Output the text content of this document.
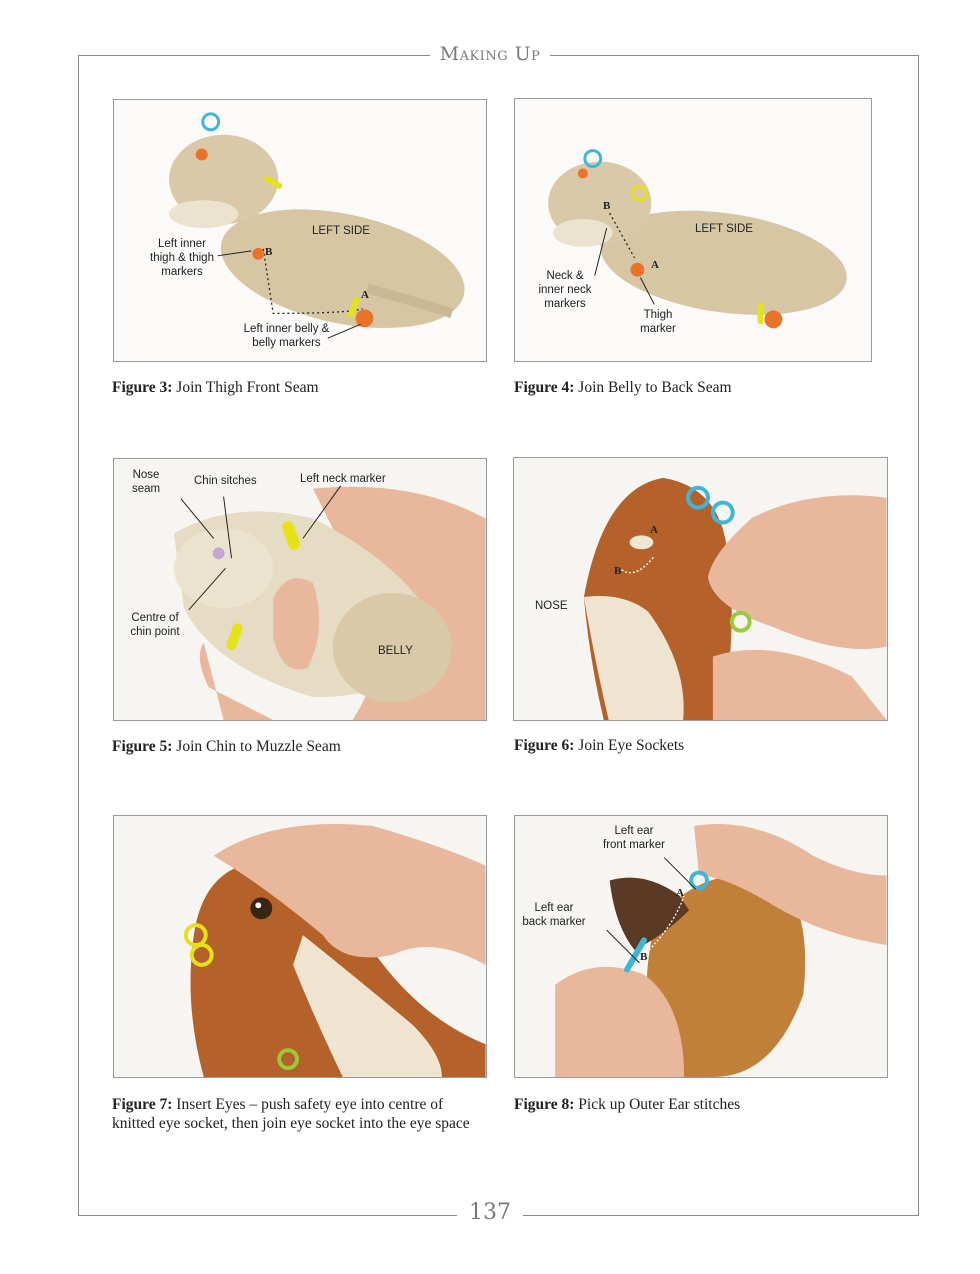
Making Up
137
LEFT SIDE
Left inner
thigh & thigh
markers
Left inner belly &
belly markers
B
A
Figure 3: Join Thigh Front Seam
LEFT SIDE
Neck &
inner neck
markers
Thigh
marker
B
A
Figure 4: Join Belly to Back Seam
Nose
seam
Chin sitches	Left neck marker
Centre of
chin point
BELLY
Figure 5: Join Chin to Muzzle Seam
NOSE
A
B
Figure 6: Join Eye Sockets
Figure 7: Insert Eyes – push safety eye into centre of knitted eye socket, then join eye socket into the eye space
Left ear
front marker
Left ear
back marker
A
B
Figure 8: Pick up Outer Ear stitches
